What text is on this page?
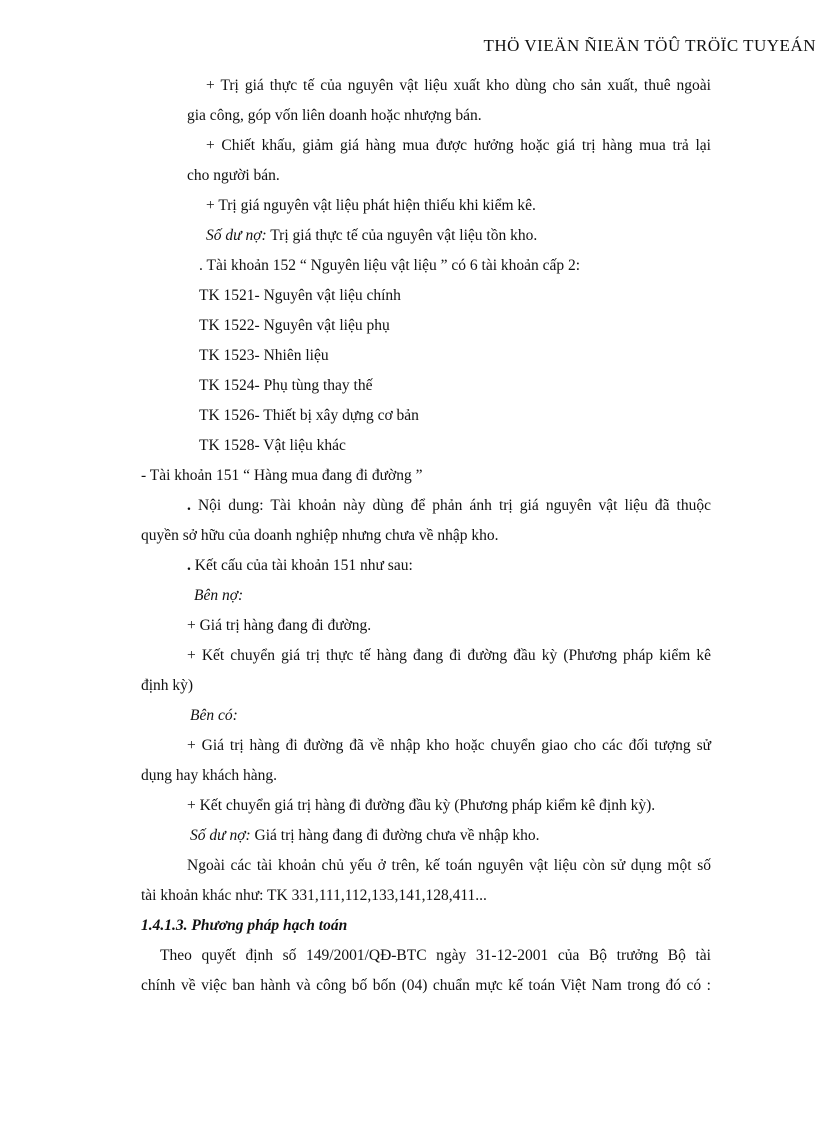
THÖ VIEÄN ÑIEÄN TÖÛ TRÖÏC TUYEÁN
+ Trị giá thực tế của nguyên vật liệu xuất kho dùng cho sản xuất, thuê ngoài
gia công, góp vốn liên doanh hoặc nhượng bán.
+ Chiết khấu, giảm giá hàng mua được hưởng hoặc giá trị hàng mua trả lại
cho người bán.
+ Trị giá nguyên vật liệu phát hiện thiếu khi kiểm kê.
Số dư nợ: Trị giá thực tế của nguyên vật liệu tồn kho.
. Tài khoản 152 “ Nguyên liệu vật liệu ” có 6 tài khoản cấp 2:
TK 1521- Nguyên vật liệu chính
TK 1522- Nguyên vật liệu phụ
TK 1523- Nhiên liệu
TK 1524- Phụ tùng thay thế
TK 1526- Thiết bị xây dựng cơ bản
TK 1528- Vật liệu khác
- Tài khoản 151 “ Hàng mua đang đi đường ”
. Nội dung: Tài khoản này dùng để phản ánh trị giá nguyên vật liệu đã thuộc
quyền sở hữu của doanh nghiệp nhưng chưa về nhập kho.
. Kết cấu của tài khoản 151 như sau:
Bên nợ:
+ Giá trị hàng đang đi đường.
+ Kết chuyển giá trị thực tế hàng đang đi đường đầu kỳ (Phương pháp kiểm kê
định kỳ)
Bên có:
+ Giá trị hàng đi đường đã về nhập kho hoặc chuyển giao cho các đối tượng sử
dụng hay khách hàng.
+ Kết chuyển giá trị hàng đi đường đầu kỳ (Phương pháp kiểm kê định kỳ).
Số dư nợ: Giá trị hàng đang đi đường chưa về nhập kho.
Ngoài các tài khoản chủ yếu ở trên, kế toán nguyên vật liệu còn sử dụng một số
tài khoản khác như: TK 331,111,112,133,141,128,411...
1.4.1.3. Phương pháp hạch toán
Theo quyết định số 149/2001/QĐ-BTC ngày 31-12-2001 của Bộ trưởng Bộ tài
chính về việc ban hành và công bố bốn (04) chuẩn mực kế toán Việt Nam trong đó có :
